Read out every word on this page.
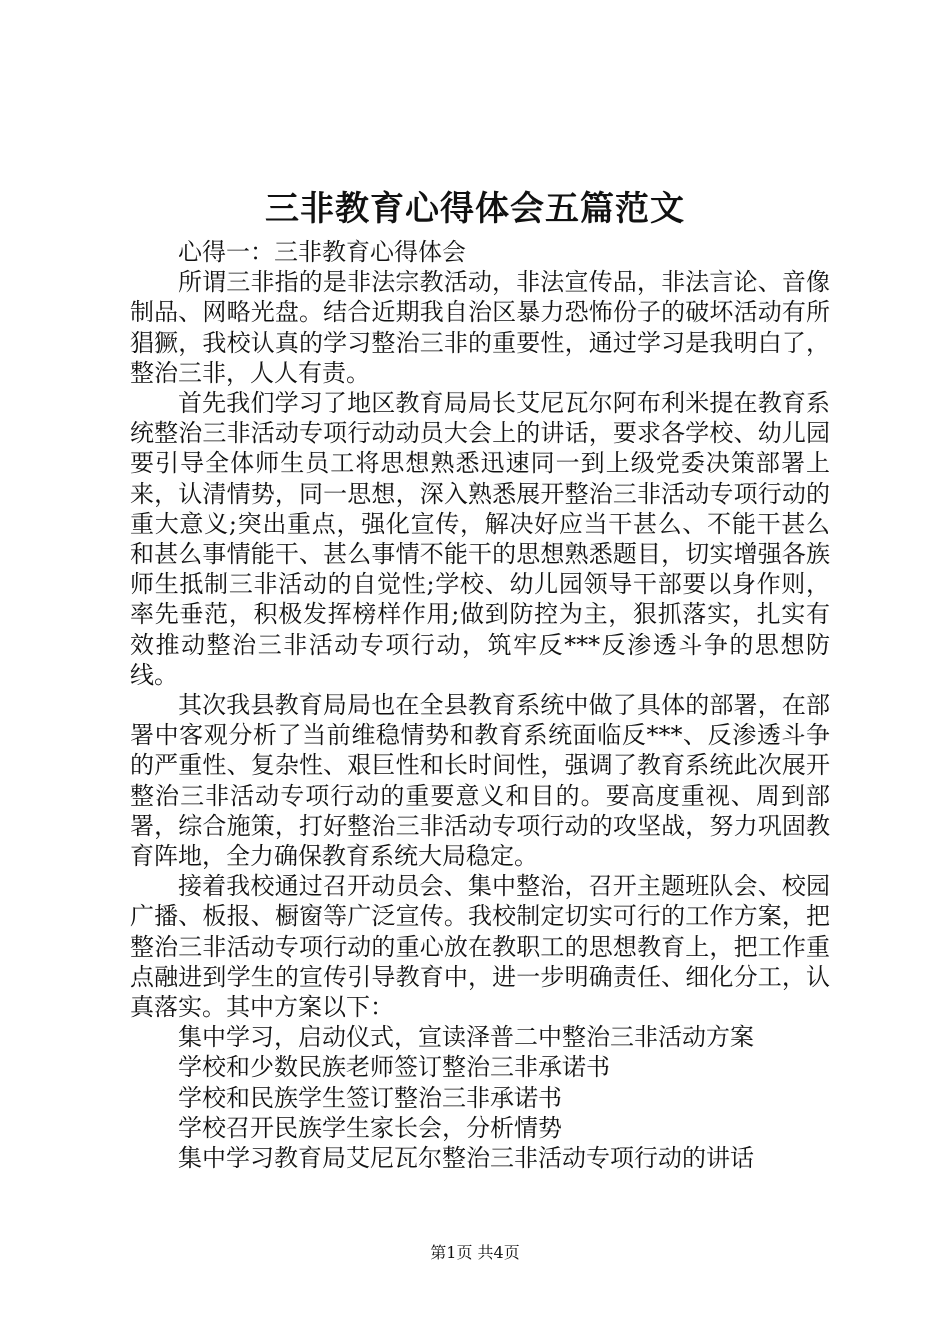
三非教育心得体会五篇范文

心得一：三非教育心得体会

所谓三非指的是非法宗教活动，非法宣传品，非法言论、音像制品、网略光盘。结合近期我自治区暴力恐怖份子的破坏活动有所猖獗，我校认真的学习整治三非的重要性，通过学习是我明白了，整治三非，人人有责。

首先我们学习了地区教育局局长艾尼瓦尔阿布利米提在教育系统整治三非活动专项行动动员大会上的讲话，要求各学校、幼儿园要引导全体师生员工将思想熟悉迅速同一到上级党委决策部署上来，认清情势，同一思想，深入熟悉展开整治三非活动专项行动的重大意义;突出重点，强化宣传，解决好应当干甚么、不能干甚么和甚么事情能干、甚么事情不能干的思想熟悉题目，切实增强各族师生抵制三非活动的自觉性;学校、幼儿园领导干部要以身作则，率先垂范，积极发挥榜样作用;做到防控为主，狠抓落实，扎实有效推动整治三非活动专项行动，筑牢反***反渗透斗争的思想防线。

其次我县教育局局也在全县教育系统中做了具体的部署，在部署中客观分析了当前维稳情势和教育系统面临反***、反渗透斗争的严重性、复杂性、艰巨性和长时间性，强调了教育系统此次展开整治三非活动专项行动的重要意义和目的。要高度重视、周到部署，综合施策，打好整治三非活动专项行动的攻坚战，努力巩固教育阵地，全力确保教育系统大局稳定。

接着我校通过召开动员会、集中整治，召开主题班队会、校园广播、板报、橱窗等广泛宣传。我校制定切实可行的工作方案，把整治三非活动专项行动的重心放在教职工的思想教育上，把工作重点融进到学生的宣传引导教育中，进一步明确责任、细化分工，认真落实。其中方案以下：

集中学习，启动仪式，宣读泽普二中整治三非活动方案

学校和少数民族老师签订整治三非承诺书

学校和民族学生签订整治三非承诺书

学校召开民族学生家长会，分析情势

集中学习教育局艾尼瓦尔整治三非活动专项行动的讲话

第1页 共4页
